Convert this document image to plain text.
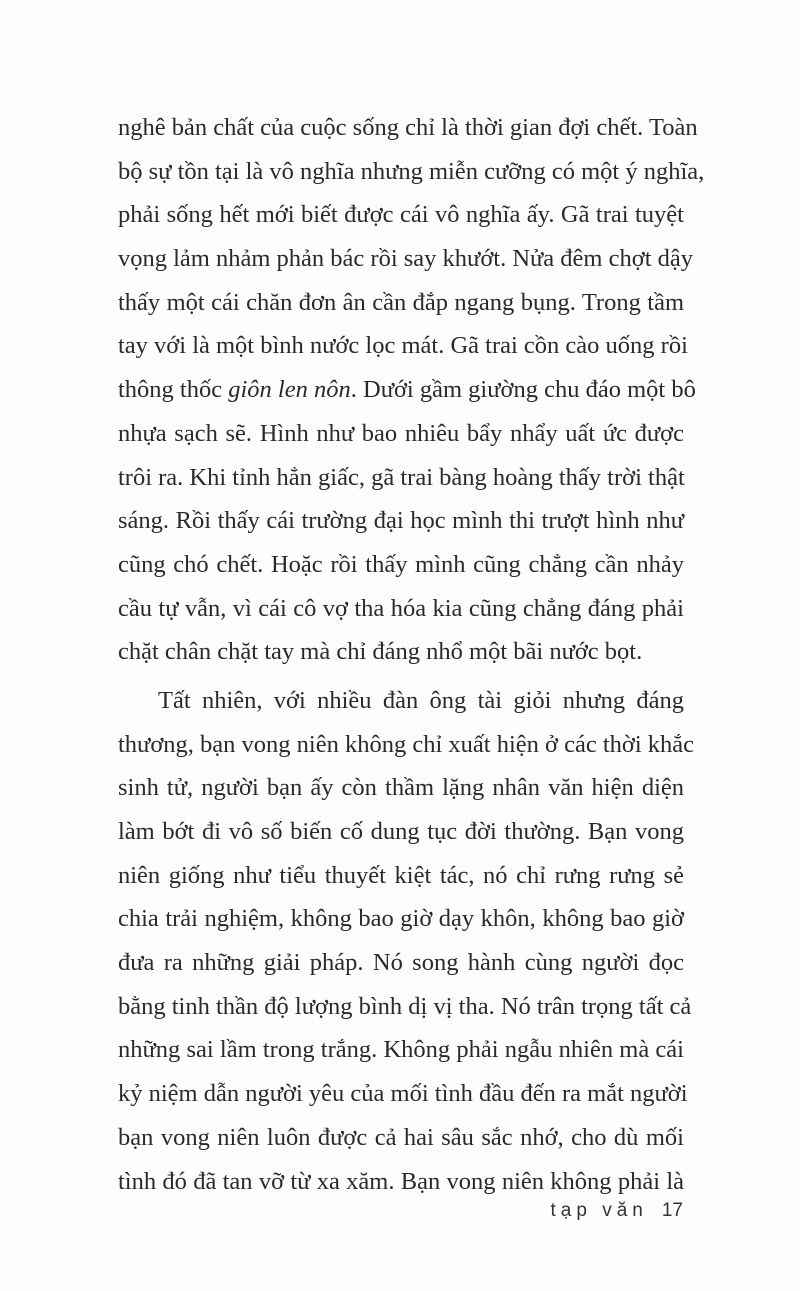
nghê bản chất của cuộc sống chỉ là thời gian đợi chết. Toàn
bộ sự tồn tại là vô nghĩa nhưng miễn cưỡng có một ý nghĩa,
phải sống hết mới biết được cái vô nghĩa ấy. Gã trai tuyệt
vọng lảm nhảm phản bác rồi say khướt. Nửa đêm chợt dậy
thấy một cái chăn đơn ân cần đắp ngang bụng. Trong tầm
tay với là một bình nước lọc mát. Gã trai cồn cào uống rồi
thông thốc giôn len nôn. Dưới gầm giường chu đáo một bô
nhựa sạch sẽ. Hình như bao nhiêu bẩy nhẩy uất ức được
trôi ra. Khi tỉnh hẳn giấc, gã trai bàng hoàng thấy trời thật
sáng. Rồi thấy cái trường đại học mình thi trượt hình như
cũng chó chết. Hoặc rồi thấy mình cũng chẳng cần nhảy
cầu tự vẫn, vì cái cô vợ tha hóa kia cũng chẳng đáng phải
chặt chân chặt tay mà chỉ đáng nhổ một bãi nước bọt.
Tất nhiên, với nhiều đàn ông tài giỏi nhưng đáng
thương, bạn vong niên không chỉ xuất hiện ở các thời khắc
sinh tử, người bạn ấy còn thầm lặng nhân văn hiện diện
làm bớt đi vô số biến cố dung tục đời thường. Bạn vong
niên giống như tiểu thuyết kiệt tác, nó chỉ rưng rưng sẻ
chia trải nghiệm, không bao giờ dạy khôn, không bao giờ
đưa ra những giải pháp. Nó song hành cùng người đọc
bằng tinh thần độ lượng bình dị vị tha. Nó trân trọng tất cả
những sai lầm trong trắng. Không phải ngẫu nhiên mà cái
kỷ niệm dẫn người yêu của mối tình đầu đến ra mắt người
bạn vong niên luôn được cả hai sâu sắc nhớ, cho dù mối
tình đó đã tan vỡ từ xa xăm. Bạn vong niên không phải là
tạp văn 17
